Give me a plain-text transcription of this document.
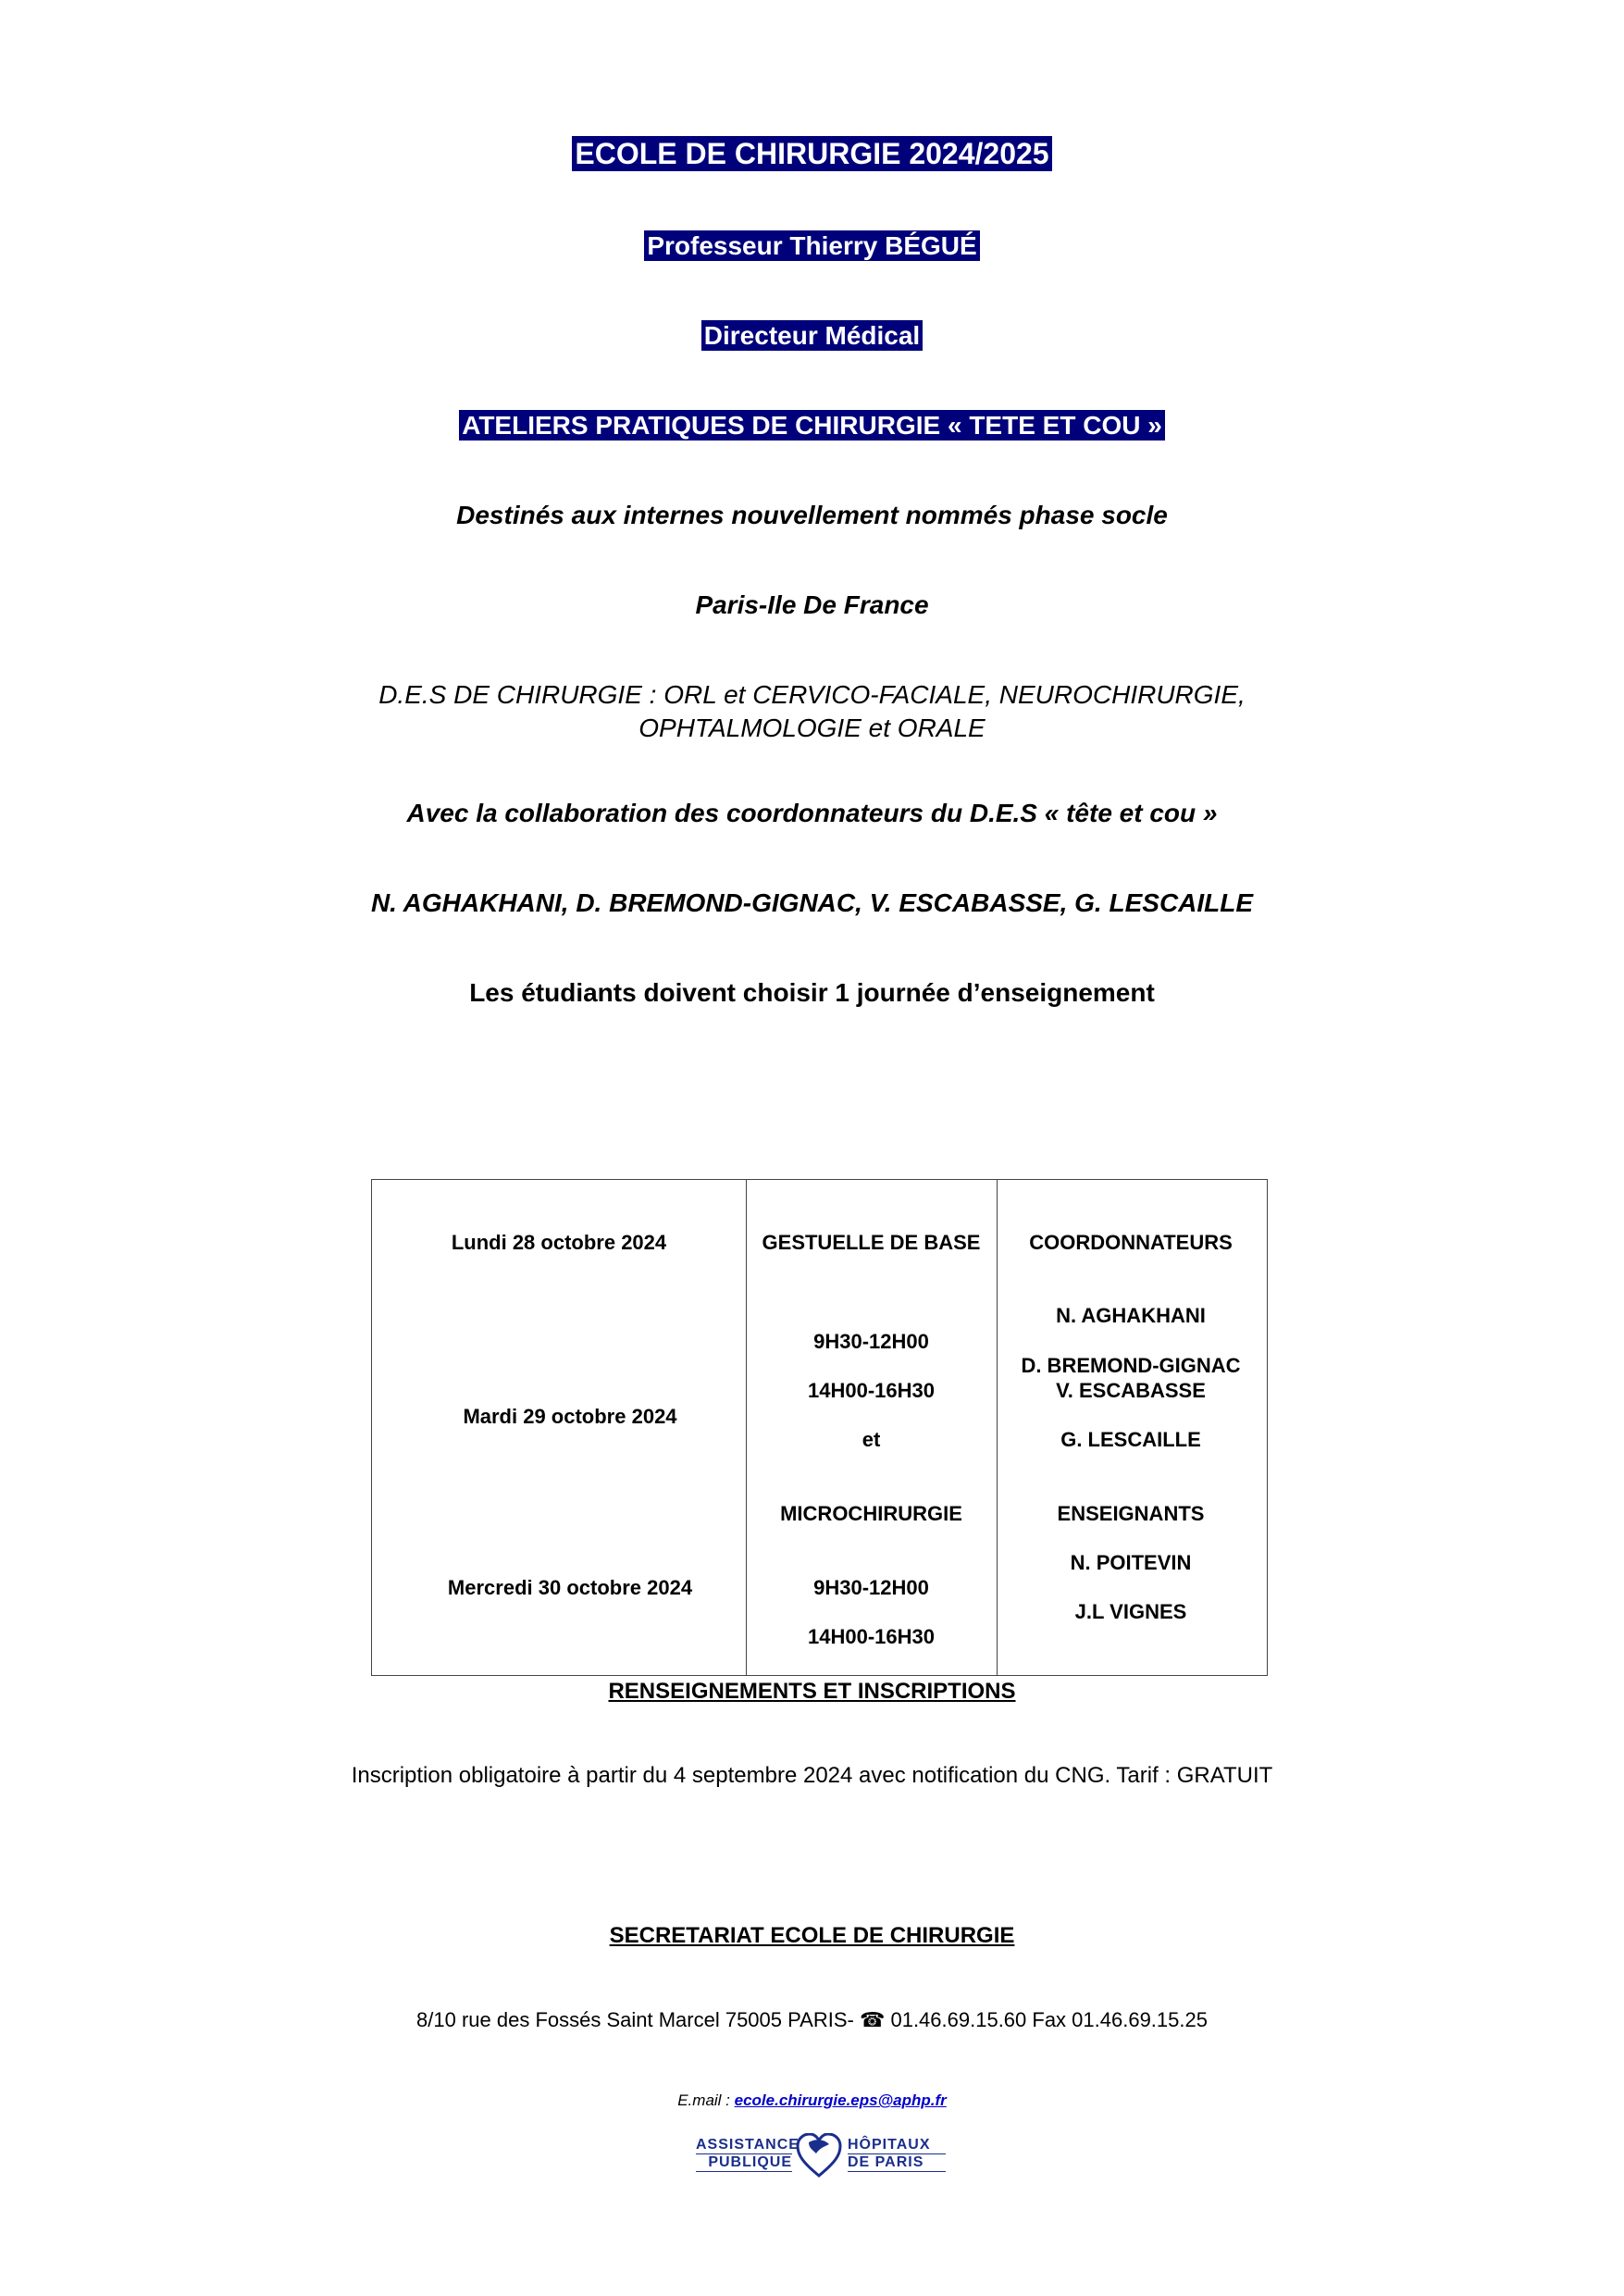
ECOLE DE CHIRURGIE 2024/2025
Professeur Thierry BÉGUÉ
Directeur Médical
ATELIERS PRATIQUES DE CHIRURGIE « TETE ET COU »
Destinés aux internes nouvellement nommés phase socle
Paris-Ile De France
D.E.S DE CHIRURGIE : ORL et CERVICO-FACIALE, NEUROCHIRURGIE,
OPHTALMOLOGIE et ORALE
Avec la collaboration des coordonnateurs du D.E.S « tête et cou »
N. AGHAKHANI, D. BREMOND-GIGNAC, V. ESCABASSE, G. LESCAILLE
Les étudiants doivent choisir 1 journée d’enseignement
Lundi 28 octobre 2024
Mardi 29 octobre 2024
Mercredi 30 octobre 2024
GESTUELLE DE BASE
9H30-12H00
14H00-16H30
et
MICROCHIRURGIE
9H30-12H00
14H00-16H30
COORDONNATEURS
N. AGHAKHANI
D. BREMOND-GIGNAC
V. ESCABASSE
G. LESCAILLE
ENSEIGNANTS
N. POITEVIN
J.L VIGNES
RENSEIGNEMENTS ET INSCRIPTIONS
Inscription obligatoire à partir du 4 septembre 2024 avec notification du CNG. Tarif : GRATUIT
SECRETARIAT ECOLE DE CHIRURGIE
8/10 rue des Fossés Saint Marcel 75005 PARIS- ☎ 01.46.69.15.60 Fax 01.46.69.15.25
E.mail : ecole.chirurgie.eps@aphp.fr
ASSISTANCE
PUBLIQUE
HÔPITAUX
DE PARIS
